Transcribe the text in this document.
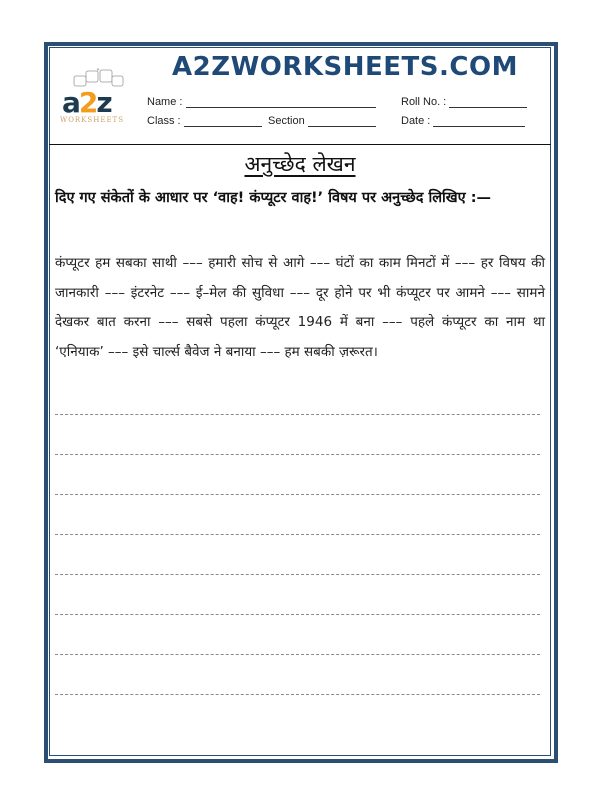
a2z
WORKSHEETS
A2ZWORKSHEETS.COM
Name :	Roll No. :
Class :	Section	Date :
अनुच्छेद लेखन
दिए गए संकेतों के आधार पर ‘वाह! कंप्यूटर वाह!’ विषय पर अनुच्छेद लिखिए :—
कंप्यूटर हम सबका साथी ––– हमारी सोच से आगे ––– घंटों का काम मिनटों में ––– हर विषय की जानकारी ––– इंटरनेट ––– ई–मेल की सुविधा ––– दूर होने पर भी कंप्यूटर पर आमने ––– सामने देखकर बात करना ––– सबसे पहला कंप्यूटर 1946 में बना ––– पहले कंप्यूटर का नाम था ‘एनियाक’ ––– इसे चार्ल्स बैवेज ने बनाया ––– हम सबकी ज़रूरत।
